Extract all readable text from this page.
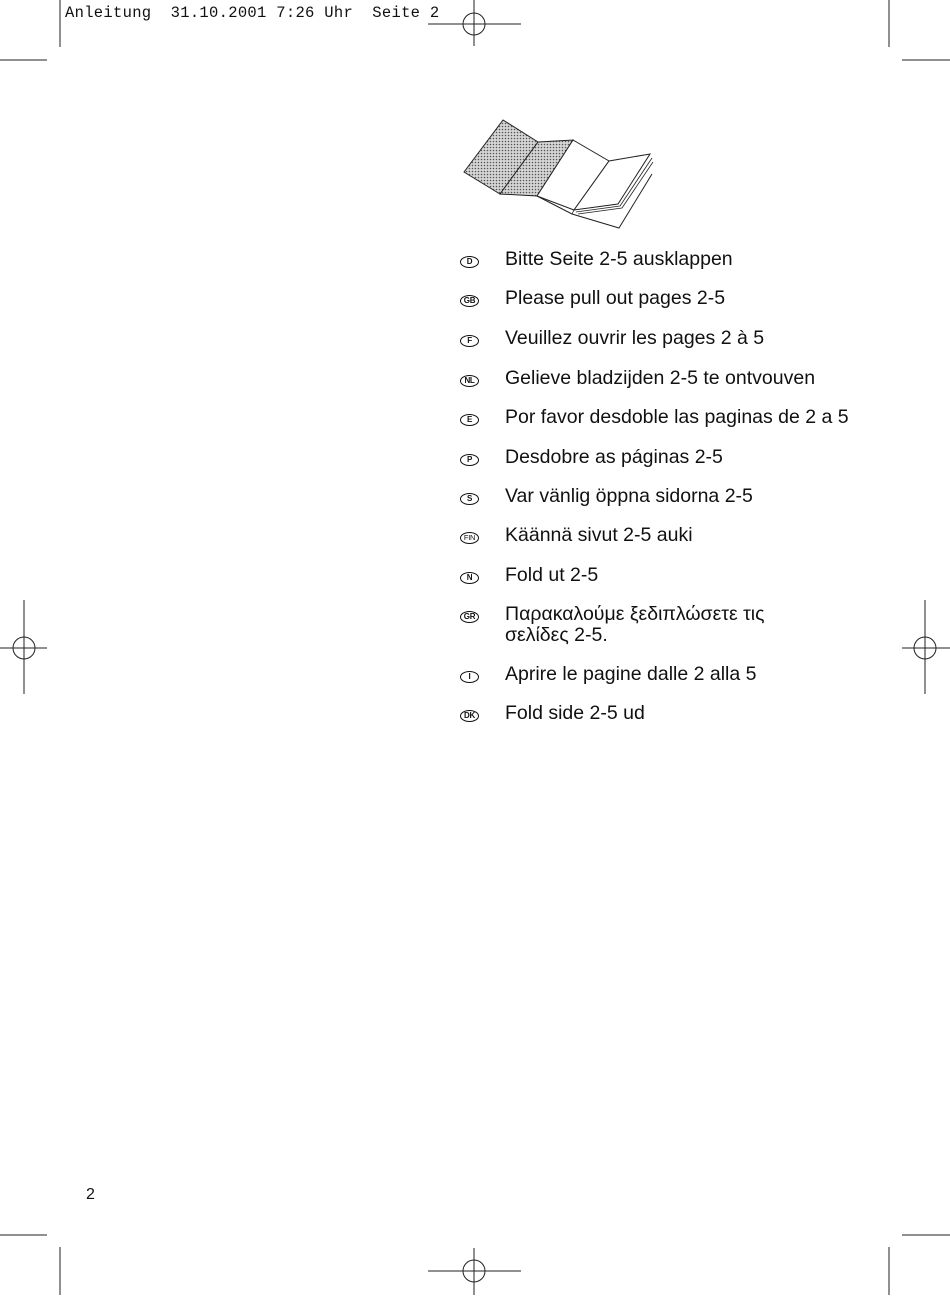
Anleitung 31.10.2001 7:26 Uhr Seite 2
D	Bitte Seite 2-5 ausklappen
GB Please pull out pages 2-5
F	Veuillez ouvrir les pages 2 à 5
NL Gelieve bladzijden 2-5 te ontvouven
E	Por favor desdoble las paginas de 2 a 5
P	Desdobre as páginas 2-5
S	Var vänlig öppna sidorna 2-5
FIN Käännä sivut 2-5 auki
N	Fold ut 2-5
GR Παρακαλούμε ξεδιπλώσετε τις
σελίδες 2-5.
I	Aprire le pagine dalle 2 alla 5
DK Fold side 2-5 ud
2
